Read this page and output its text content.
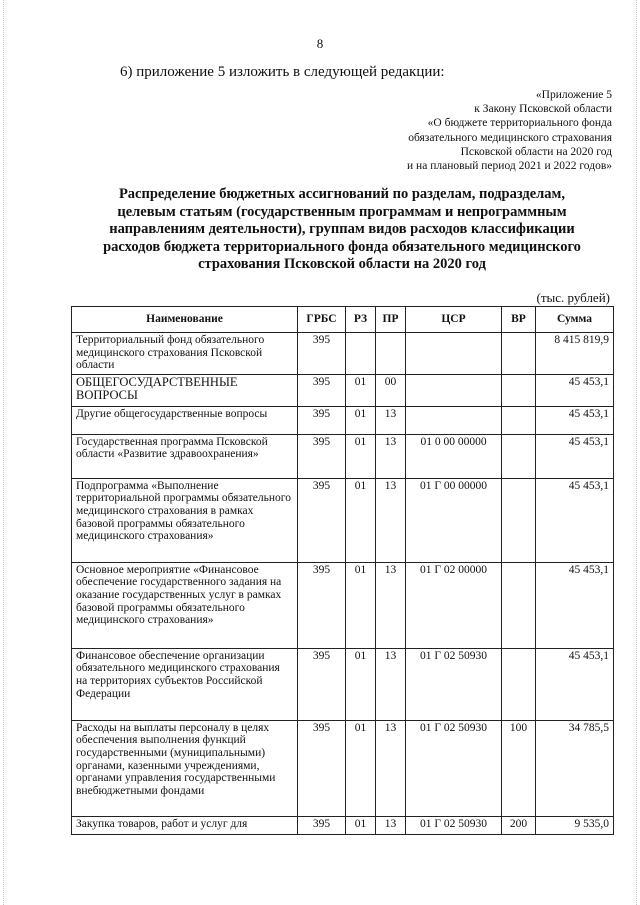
8
6) приложение 5 изложить в следующей редакции:
«Приложение 5
к Закону Псковской области
«О бюджете территориального фонда
обязательного медицинского страхования
Псковской области на 2020 год
и на плановый период 2021 и 2022 годов»
Распределение бюджетных ассигнований по разделам, подразделам,
целевым статьям (государственным программам и непрограммным
направлениям деятельности), группам видов расходов классификации
расходов бюджета территориального фонда обязательного медицинского
страхования Псковской области на 2020 год
(тыс. рублей)
Наименование	ГРБС	РЗ	ПР	ЦСР	ВР	Сумма
Территориальный фонд обязательного медицинского страхования Псковской области	395					8 415 819,9
ОБЩЕГОСУДАРСТВЕННЫЕ ВОПРОСЫ	395	01	00			45 453,1
Другие общегосударственные вопросы	395	01	13			45 453,1
Государственная программа Псковской области «Развитие здравоохранения»	395	01	13	01 0 00 00000		45 453,1
Подпрограмма «Выполнение территориальной программы обязательного медицинского страхования в рамках базовой программы обязательного медицинского страхования»	395	01	13	01 Г 00 00000		45 453,1
Основное мероприятие «Финансовое обеспечение государственного задания на оказание государственных услуг в рамках базовой программы обязательного медицинского страхования»	395	01	13	01 Г 02 00000		45 453,1
Финансовое обеспечение организации обязательного медицинского страхования на территориях субъектов Российской Федерации	395	01	13	01 Г 02 50930		45 453,1
Расходы на выплаты персоналу в целях обеспечения выполнения функций государственными (муниципальными) органами, казенными учреждениями, органами управления государственными внебюджетными фондами	395	01	13	01 Г 02 50930	100	34 785,5
Закупка товаров, работ и услуг для	395	01	13	01 Г 02 50930	200	9 535,0
